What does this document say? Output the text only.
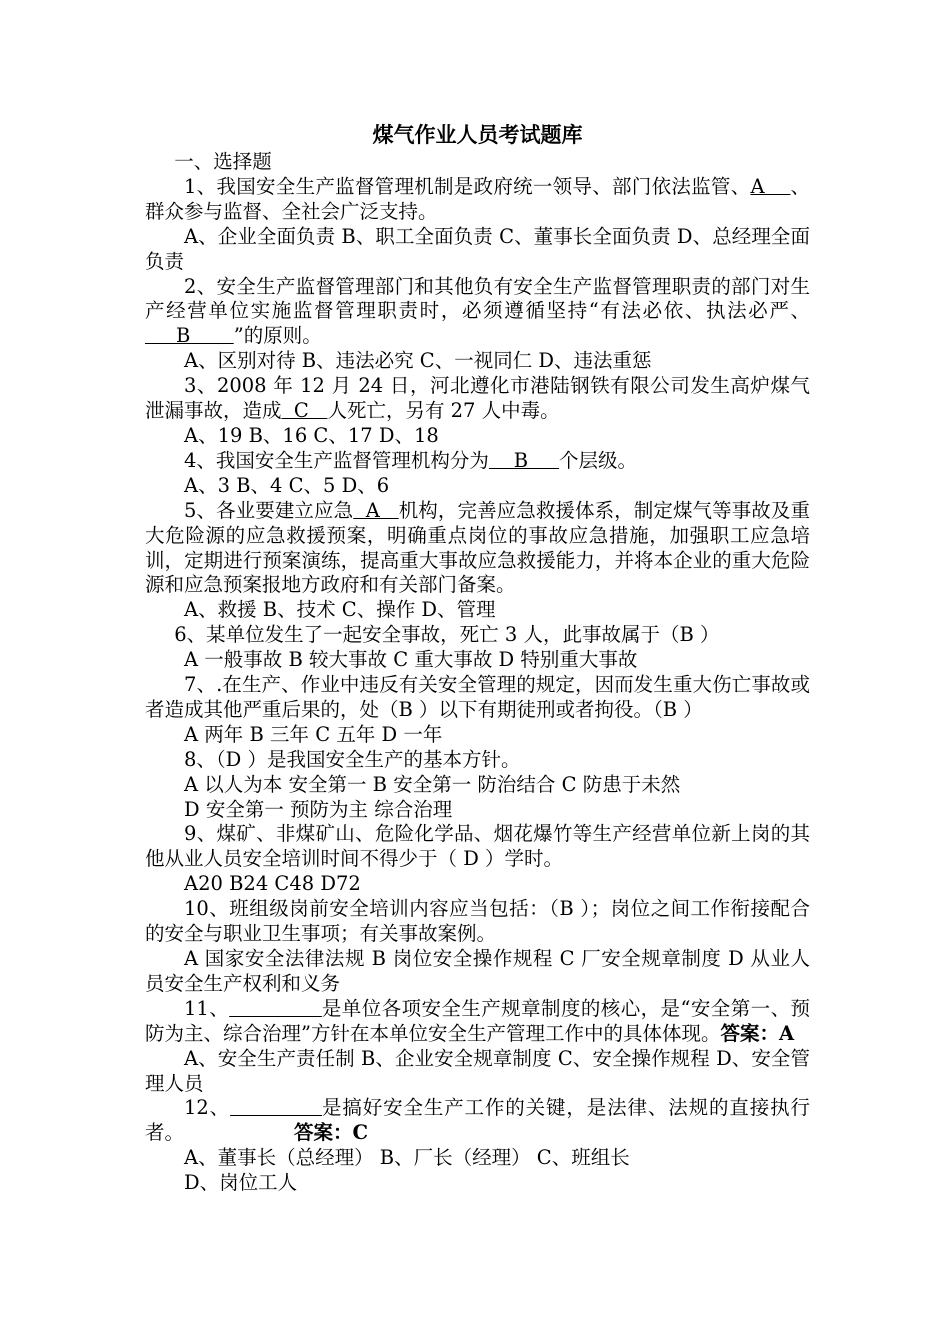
煤气作业人员考试题库
一、选择题
1、我国安全生产监督管理机制是政府统一领导、部门依法监管、A    、群众参与监督、全社会广泛支持。
A、企业全面负责 B、职工全面负责 C、董事长全面负责 D、总经理全面负责
2、安全生产监督管理部门和其他负有安全生产监督管理职责的部门对生产经营单位实施监督管理职责时，必须遵循坚持“有法必依、执法必严、     B       ”的原则。
A、区别对待 B、违法必究 C、一视同仁 D、违法重惩
3、2008 年 12 月 24 日，河北遵化市港陆钢铁有限公司发生高炉煤气泄漏事故，造成  C   人死亡，另有 27 人中毒。
A、19 B、16 C、17 D、18
4、我国安全生产监督管理机构分为    B     个层级。
A、3 B、4 C、5 D、6
5、各业要建立应急  A   机构，完善应急救援体系，制定煤气等事故及重大危险源的应急救援预案，明确重点岗位的事故应急措施，加强职工应急培训，定期进行预案演练，提高重大事故应急救援能力，并将本企业的重大危险源和应急预案报地方政府和有关部门备案。
A、救援 B、技术 C、操作 D、管理
6、某单位发生了一起安全事故，死亡 3 人，此事故属于（B ）
A 一般事故 B 较大事故 C 重大事故 D 特别重大事故
7、.在生产、作业中违反有关安全管理的规定，因而发生重大伤亡事故或者造成其他严重后果的，处（B ）以下有期徒刑或者拘役。（B ）
A 两年 B 三年 C 五年 D 一年
8、（D ）是我国安全生产的基本方针。
A 以人为本 安全第一 B 安全第一 防治结合 C 防患于未然
D 安全第一 预防为主 综合治理
9、煤矿、非煤矿山、危险化学品、烟花爆竹等生产经营单位新上岗的其他从业人员安全培训时间不得少于（ D ）学时。
A20 B24 C48 D72
10、班组级岗前安全培训内容应当包括：（B ）；岗位之间工作衔接配合的安全与职业卫生事项；有关事故案例。
A 国家安全法律法规 B 岗位安全操作规程 C 厂安全规章制度 D 从业人员安全生产权利和义务
11、	是单位各项安全生产规章制度的核心，是“安全第一、预防为主、综合治理”方针在本单位安全生产管理工作中的具体体现。答案：A
A、安全生产责任制 B、企业安全规章制度 C、安全操作规程 D、安全管理人员
12、	是搞好安全生产工作的关键，是法律、法规的直接执行者。	答案：C
A、董事长（总经理） B、厂长（经理） C、班组长
D、岗位工人
